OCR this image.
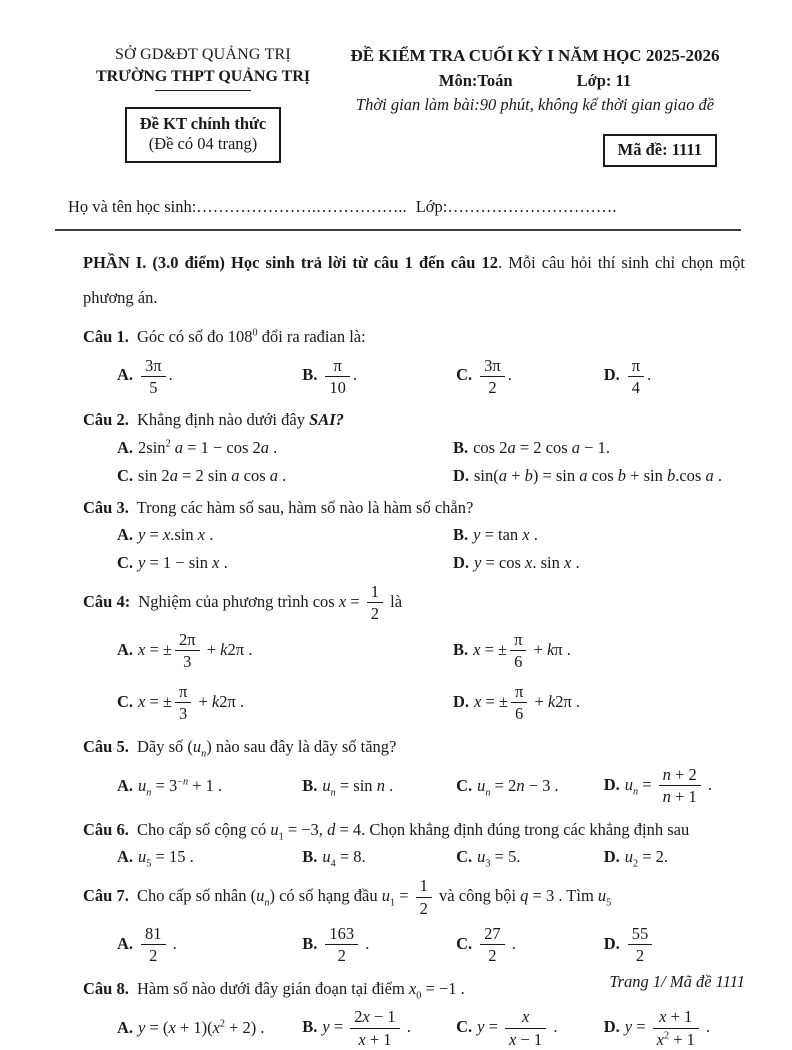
SỞ GD&ĐT QUẢNG TRỊ
TRƯỜNG THPT QUẢNG TRỊ
Đề KT chính thức
(Đề có 04 trang)
ĐỀ KIỂM TRA CUỐI KỲ I NĂM HỌC 2025-2026
Môn:Toán	Lớp: 11
Thời gian làm bài:90 phút, không kể thời gian giao đề
Mã đề: 1111
Họ và tên học sinh:………………….…………….. Lớp:………………………….

PHẦN I. (3.0 điểm) Học sinh trả lời từ câu 1 đến câu 12. Mỗi câu hỏi thí sinh chỉ chọn một phương án.

Câu 1. Góc có số đo $108^0$ đổi ra rađian là:

A. $\frac{3\pi}{5}$ .	B. $\frac{\pi}{10}$ .	C. $\frac{3\pi}{2}$ .	D. $\frac{\pi}{4}$ .

Câu 2. Khẳng định nào dưới đây SAI?

A. $2\sin^2$ a = 1 − cos 2a .	B. cos 2a = 2 cos a − 1.
C. sin 2a = 2 sin a cos a .	D. sin(a + b) = sin a cos b + sin b.cos a .

Câu 3. Trong các hàm số sau, hàm số nào là hàm số chẵn?

A. y = x.sin x .	B. y = tan x .
C. y = 1 − sin x .	D. y = cos x. sin x .

Câu 4: Nghiệm của phương trình $\cos x = \frac{1}{2}$ là

A. x = ± $\frac{2\pi}{3} + k2\pi$ .	B. x = ± $\frac{\pi}{6} + k\pi$ .
C. x = ± $\frac{\pi}{3} + k2\pi$ .	D. x = ± $\frac{\pi}{6} + k2\pi$ .

Câu 5. Dãy số $(u_n)$ nào sau đây là dãy số tăng?

A. $u_n = 3^{-n} + 1$ .	B. $u_n = \sin n$ .	C. $u_n = 2n - 3$ .	D. $u_n = \frac{n + 2}{n + 1}$ .

Câu 6. Cho cấp số cộng có $u_1 = -3$, d = 4. Chọn khẳng định đúng trong các khẳng định sau

A. $u_5 = 15$ .	B. $u_4 = 8$.	C. $u_3 = 5$.	D. $u_2 = 2$.

Câu 7. Cho cấp số nhân $(u_n)$ có số hạng đầu $u_1 = \frac{1}{2}$ và công bội q = 3 . Tìm $u_5$

A. $\frac{81}{2}$ .	B. $\frac{163}{2}$ .	C. $\frac{27}{2}$ .	D. $\frac{55}{2}$

Câu 8. Hàm số nào dưới đây gián đoạn tại điểm $x_0 = -1$ .

A. $y = (x + 1)(x^2 + 2)$ .	B. $y = \frac{2x - 1}{x + 1}$ .	C. $y = \frac{x}{x - 1}$ .	D. $y = \frac{x + 1}{x^2 + 1}$ .
Trang 1/ Mã đề 1111
